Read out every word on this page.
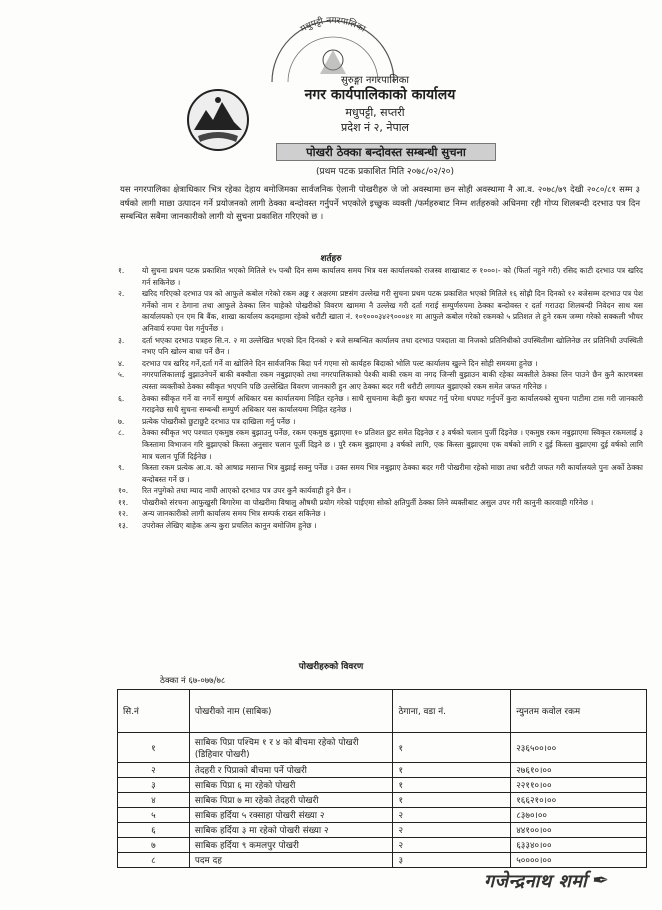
मधुपट्टी नगरपालिका
सुरुङ्गा नगरपालिका
नगर कार्यपालिकाको कार्यालय
मधुपट्टी, सप्तरी
प्रदेश नं २, नेपाल
पोखरी ठेक्का बन्दोवस्त सम्बन्धी सुचना
(प्रथम पटक प्रकाशित मिति २०७८/०२/२०)
यस नगरपालिका क्षेत्राधिकार भित्र रहेका देहाय बमोजिमका सार्वजनिक ऐलानी पोखरीहरु जे जो अवस्थामा छन सोही अवस्थामा नै आ.व. २०७८/७९ देखी २०८०/८१ सम्म ३ वर्षको लागी माछा उत्पादन गर्ने प्रयोजनको लागी ठेक्का बन्दोवस्त गर्नुपर्ने भएकोले इच्छुक व्यक्ती /फर्महरुबाट निम्न शर्तहरुको अधिनमा रही गोप्य शिलबन्दी दरभाउ पत्र दिन सम्बन्धित सबैमा जानकारीको लागी यो सुचना प्रकाशित गरिएको छ ।
शर्तहरु
१.	यो सुचना प्रथम पटक प्रकाशित भएको मितिले १५ पन्धौ दिन सम्म कार्यालय समय भित्र यस कार्यालयको राजस्व शाखाबाट रु १०००।- को (फिर्ता नहुने गरी) रसिद काटी दरभाउ पत्र खरिद गर्न सकिनेछ ।
२.	खरिद गरिएको दरभाउ पत्र को आफुले कबोल गरेको रकम अङ्क र अक्षरमा प्रष्टसंग उल्लेख गरी सुचना प्रथम पटक प्रकाशित भएको मितिले १६ सोह्रौ दिन दिनको १२ बजेसम्म दरभाउ पत्र पेश गर्नेको नाम र ठेगाना तथा आफुले ठेक्का लिन चाहेको पोखरीको विवरण खाममा नै उल्लेख गरी दर्ता गराई सम्पुर्णरुपमा ठेक्का बन्दोवस्त र दर्ता गराउदा शिलबन्दी निवेदन साथ यस कार्यालयको एन एम बि बैंक, शाखा कार्यालय कदमहामा रहेको धरौटी खाता नं. १०१०००३४२९०००४१ मा आफुले कबोल गरेको रकमको ५ प्रतिशत ले हुने रकम जम्मा गरेको सक्कली भौचर अनिवार्य रुपमा पेश गर्नुपर्नेछ ।
३.	दर्ता भएका दरभाउ पत्रहरु सि.न. २ मा उल्लेखित भएको दिन दिनको २ बजे सम्बन्धित कार्यालय तथा दरभाउ पत्रदाता वा निजको प्रतिनिधीको उपस्थितीमा खोलिनेछ तर प्रतिनिधी उपस्थिती नभए पनि खोल्न बाधा पर्ने छैन ।
४.	दरभाउ पत्र खरिद गर्ने,दर्ता गर्ने वा खोलिने दिन सार्वजनिक बिदा पर्न गएमा सो कार्यहरु बिदाको भोलि पल्ट कार्यालय खुल्ने दिन सोही समयमा हुनेछ ।
५.	नगरपालिकालाई बुझाउनेपर्ने बाकी बक्यौता रकम नबुझाएको तथा नगरपालिकाको पेश्की बाकी रकम वा नगद जिन्सी बुझाउन बाकी रहेका व्यक्तीले ठेक्का लिन पाउने छैन कुनै कारणबस त्यस्ता व्यक्तीको ठेक्का स्वीकृत भएपनि पछि उल्लेखित विवरण जानकारी हुन आए ठेक्का बदर गरी धरौटी लगायत बुझाएको रकम समेत जफत गरिनेछ ।
६.	ठेक्का स्वीकृत गर्ने वा नगर्ने सम्पुर्ण अधिकार यस कार्यालयमा निहित रहनेछ । साथै सुचनामा केही कुरा थपघट गर्नु परेमा थपघट गर्नुपर्ने कुरा कार्यालयको सुचना पाटीमा टास गरी जानकारी गराइनेछ साथै सुचना सम्बन्धी सम्पुर्ण अधिकार यस कार्यालयमा निहित रहनेछ ।
७.	प्रत्येक पोखरीको छुटाछुटै दरभाउ पत्र दाखिला गर्नु पर्नेछ ।
८.	ठेक्का स्वीकृत भए पश्चात एकमुष्ठ रकम बुझाउनु पर्नेछ, रकम एकमुष्ठ बुझाएमा १० प्रतिशत छुट समेत दिइनेछ र ३ वर्षको चलान पुर्जी दिइनेछ । एकमुष्ठ रकम नबुझाएमा स्विकृत रकमलाई ३ किस्तामा विभाजन गरि बुझाएको किस्ता अनुसार चलान पूर्जी दिइने छ । पुरै रकम बुझाएमा ३ वर्षको लागि, एक किस्ता बुझाएमा एक वर्षको लागि र दुई किस्ता बुझाएमा दुई वर्षको लागि मात्र चलान पूर्जि दिईनेछ ।
९.	किस्ता रकम प्रत्येक आ.व. को आषाढ मसान्त भित्र बुझाई सक्नु पर्नेछ । उक्त समय भित्र नबुझाए ठेक्का बदर गरी पोखरीमा रहेको माछा तथा धरौटी जफत गरी कार्यालयले पुनः अर्को ठेक्का बन्दोबस्त गर्ने छ ।
१०.	रित नपुगेको तथा म्याद नाघी आएको दरभाउ पत्र उपर कुनै कार्यवाही हुने छैन ।
११.	पोखरीको संरचना आफुखुसी बिगारेमा वा पोखरीमा विषालु औषधी प्रयोग गरेको पाईएमा सोको क्षतिपुर्ती ठेक्का लिने व्यक्तीबाट असुल उपर गरी कानुनी कारवाही गरिनेछ ।
१२.	अन्य जानकारीको लागी कार्यालय समय भित्र सम्पर्क राख्न सकिनेछ ।
१३.	उपरोक्त लेखिए बाहेक अन्य कुरा प्रचलित कानुन बमोजिम हुनेछ ।
पोखरीहरुको विवरण
ठेक्का नं ६७-०७७/७८
सि.नं	पोखरीको नाम (साबिक)	ठेगाना, वडा नं.	न्युनतम कवोल रकम
१	साबिक पिप्रा पश्चिम १ र ४ को बीचमा रहेको पोखरी (डिहिवार पोखरी)	१	२३६५००।००
२	तेदहरी र पिप्राको बीचमा पर्ने पोखरी	१	२७६१०।००
३	साबिक पिप्रा ६ मा रहेको पोखरी	१	२२११०।००
४	साबिक पिप्रा ७ मा रहेको तेदहरी पोखरी	१	१६६२१०।००
५	साबिक हर्दिया ५ रक्साहा पोखरी संख्या २	२	८३७०।००
६	साबिक हर्दिया ३ मा रहेको पोखरी संख्या २	२	४४१००।००
७	साबिक हर्दिया ९ कमलपुर पोखरी	२	६३३४०।००
८	पदम दह	३	५००००।००
गजेन्द्रनाथ शर्मा ✒
